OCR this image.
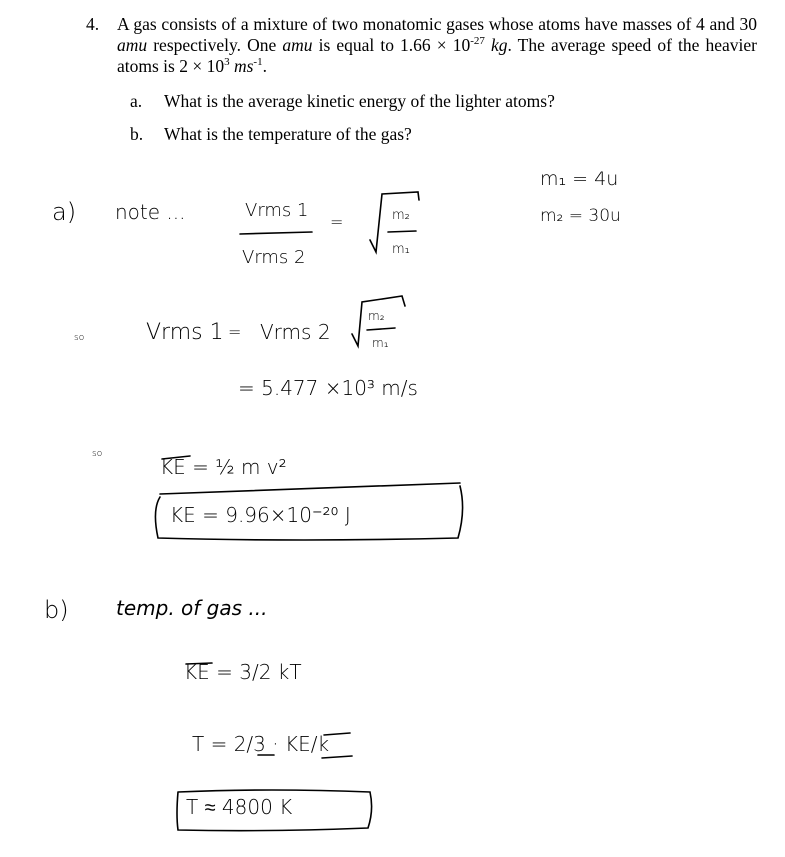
4. A gas consists of a mixture of two monatomic gases whose atoms have masses of 4 and 30 amu respectively. One amu is equal to $1.66 \times 10^{-27}$ kg. The average speed of the heavier atoms is $2 \times 10^3$ $ms^{-1}$.
a. What is the average kinetic energy of the lighter atoms?
b. What is the temperature of the gas?
m₁ = 4u
m₂ = 30u
a) note ...	Vrms 1
Vrms 2
=	m₂
m₁
so	Vrms 1 = Vrms 2
m₂
m₁
= 5.477 ×10³ m/s
so
KE = ½ m v²
KE = 9.96×10⁻²⁰ J
b) temp. of gas ...
KE = 3/2 kT
T = 2/3 · KE/k
T ≈ 4800 K
